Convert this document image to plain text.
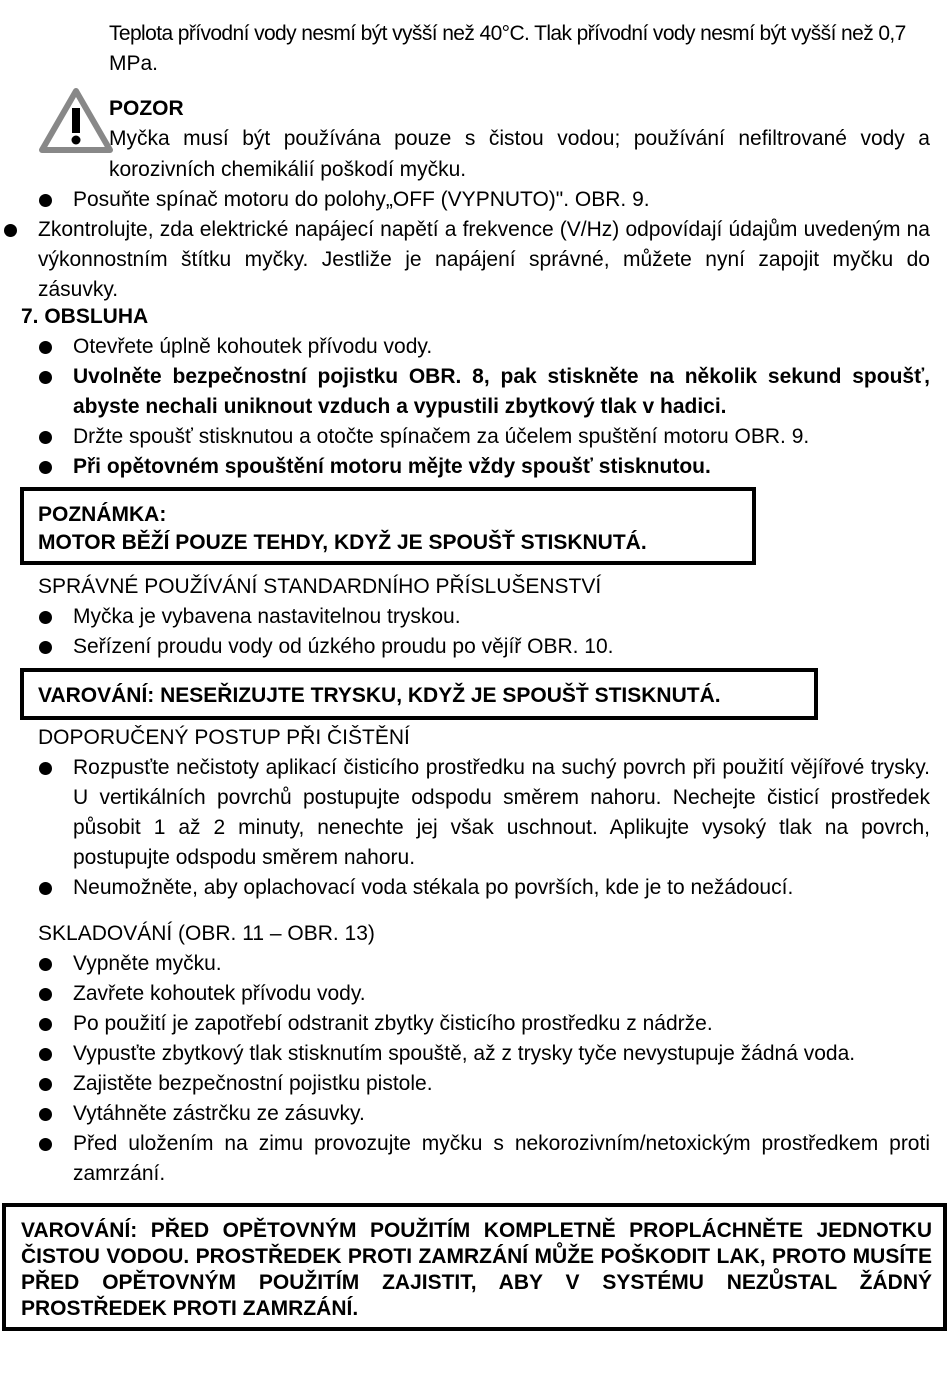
Teplota přívodní vody nesmí být vyšší než 40°C. Tlak přívodní vody nesmí být vyšší než 0,7
MPa.
POZOR
Myčka musí být používána pouze s čistou vodou; používání nefiltrované vody a
korozivních chemikálií poškodí myčku.
Posuňte spínač motoru do polohy„OFF (VYPNUTO)". OBR. 9.
Zkontrolujte, zda elektrické napájecí napětí a frekvence (V/Hz) odpovídají údajům uvedeným na výkonnostním štítku myčky. Jestliže je napájení správné, můžete nyní zapojit myčku do zásuvky.
7. OBSLUHA
Otevřete úplně kohoutek přívodu vody.
Uvolněte bezpečnostní pojistku OBR. 8, pak stiskněte na několik sekund spoušť, abyste nechali uniknout vzduch a vypustili zbytkový tlak v hadici.
Držte spoušť stisknutou a otočte spínačem za účelem spuštění motoru OBR. 9.
Při opětovném spouštění motoru mějte vždy spoušť stisknutou.
POZNÁMKA:
MOTOR BĚŽÍ POUZE TEHDY, KDYŽ JE SPOUŠŤ STISKNUTÁ.
SPRÁVNÉ POUŽÍVÁNÍ STANDARDNÍHO PŘÍSLUŠENSTVÍ
Myčka je vybavena nastavitelnou tryskou.
Seřízení proudu vody od úzkého proudu po vějíř OBR. 10.
VAROVÁNÍ: NESEŘIZUJTE TRYSKU, KDYŽ JE SPOUŠŤ STISKNUTÁ.
DOPORUČENÝ POSTUP PŘI ČIŠTĚNÍ
Rozpusťte nečistoty aplikací čisticího prostředku na suchý povrch při použití vějířové trysky. U vertikálních povrchů postupujte odspodu směrem nahoru. Nechejte čisticí prostředek působit 1 až 2 minuty, nenechte jej však uschnout. Aplikujte vysoký tlak na povrch, postupujte odspodu směrem nahoru.
Neumožněte, aby oplachovací voda stékala po površích, kde je to nežádoucí.
SKLADOVÁNÍ (OBR. 11 – OBR. 13)
Vypněte myčku.
Zavřete kohoutek přívodu vody.
Po použití je zapotřebí odstranit zbytky čisticího prostředku z nádrže.
Vypusťte zbytkový tlak stisknutím spouště, až z trysky tyče nevystupuje žádná voda.
Zajistěte bezpečnostní pojistku pistole.
Vytáhněte zástrčku ze zásuvky.
Před uložením na zimu provozujte myčku s nekorozivním/netoxickým prostředkem proti zamrzání.
VAROVÁNÍ: PŘED OPĚTOVNÝM POUŽITÍM KOMPLETNĚ PROPLÁCHNĚTE JEDNOTKU ČISTOU VODOU. PROSTŘEDEK PROTI ZAMRZÁNÍ MŮŽE POŠKODIT LAK, PROTO MUSÍTE PŘED OPĚTOVNÝM POUŽITÍM ZAJISTIT, ABY V SYSTÉMU NEZŮSTAL ŽÁDNÝ PROSTŘEDEK PROTI ZAMRZÁNÍ.
